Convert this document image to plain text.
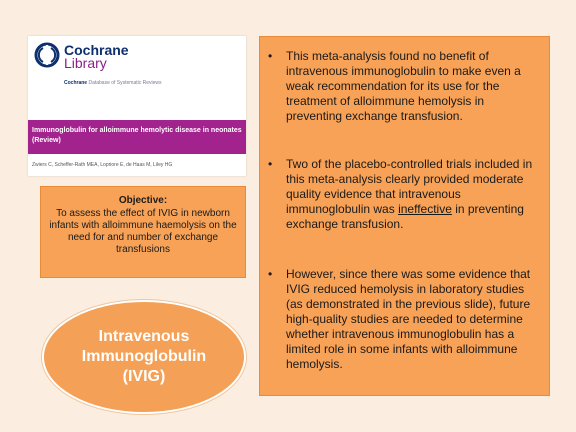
Cochrane
Library
Cochrane Database of Systematic Reviews
Immunoglobulin for alloimmune hemolytic disease in neonates (Review)
Zwiers C, Scheffer-Rath MEA, Lopriore E, de Haas M, Liley HG
Objective:
To assess the effect of IVIG in newborn infants with alloimmune haemolysis on the need for and number of exchange transfusions
Intravenous
Immunoglobulin
(IVIG)
• This meta-analysis found no benefit of intravenous immunoglobulin to make even a weak recommendation for its use for the treatment of alloimmune hemolysis in preventing exchange transfusion.
• Two of the placebo-controlled trials included in this meta-analysis clearly provided moderate quality evidence that intravenous immunoglobulin was ineffective in preventing exchange transfusion.
• However, since there was some evidence that IVIG reduced hemolysis in laboratory studies (as demonstrated in the previous slide), future high-quality studies are needed to determine whether intravenous immunoglobulin has a limited role in some infants with alloimmune hemolysis.
